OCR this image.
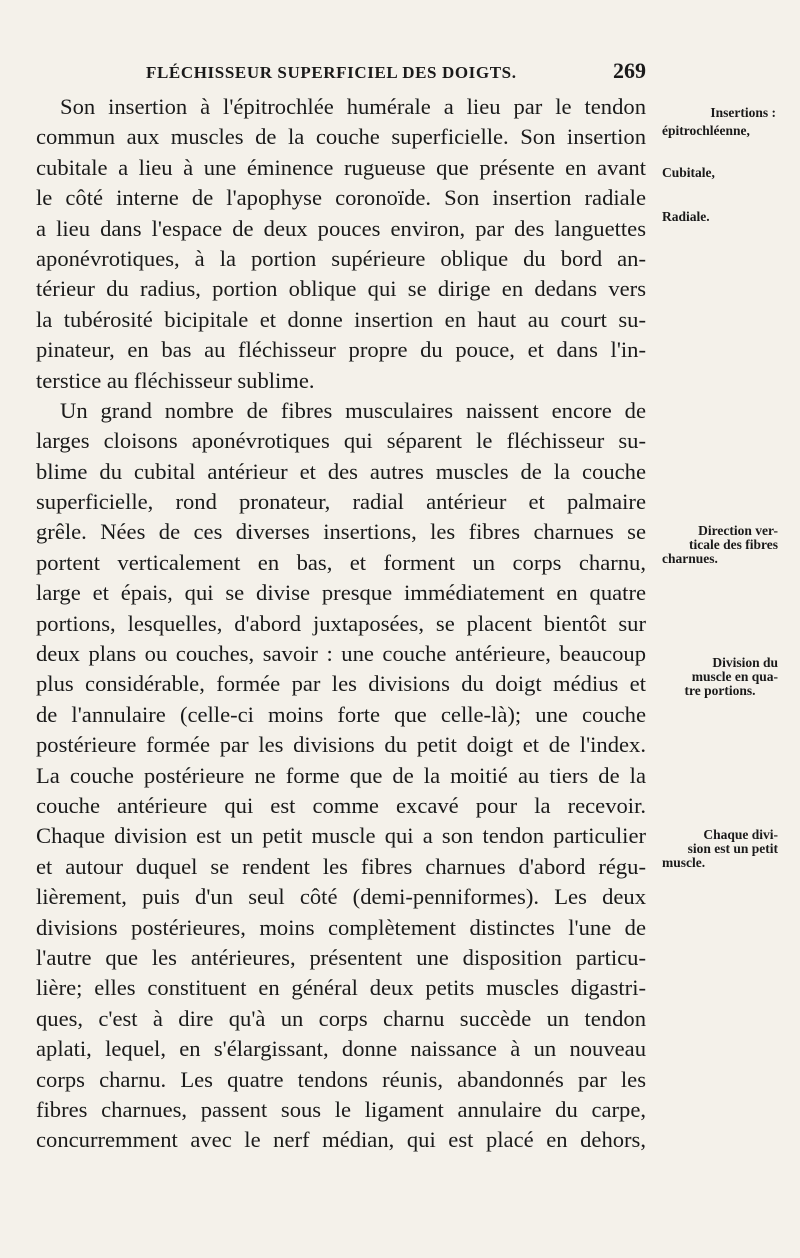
FLÉCHISSEUR SUPERFICIEL DES DOIGTS.	269
Son insertion à l'épitrochlée humérale a lieu par le tendon
commun aux muscles de la couche superficielle. Son insertion
cubitale a lieu à une éminence rugueuse que présente en avant
le côté interne de l'apophyse coronoïde. Son insertion radiale
a lieu dans l'espace de deux pouces environ, par des languettes
aponévrotiques, à la portion supérieure oblique du bord an-
térieur du radius, portion oblique qui se dirige en dedans vers
la tubérosité bicipitale et donne insertion en haut au court su-
pinateur, en bas au fléchisseur propre du pouce, et dans l'in-
terstice au fléchisseur sublime.
Un grand nombre de fibres musculaires naissent encore de
larges cloisons aponévrotiques qui séparent le fléchisseur su-
blime du cubital antérieur et des autres muscles de la couche
superficielle, rond pronateur, radial antérieur et palmaire
grêle. Nées de ces diverses insertions, les fibres charnues se
portent verticalement en bas, et forment un corps charnu,
large et épais, qui se divise presque immédiatement en quatre
portions, lesquelles, d'abord juxtaposées, se placent bientôt sur
deux plans ou couches, savoir : une couche antérieure, beaucoup
plus considérable, formée par les divisions du doigt médius et
de l'annulaire (celle-ci moins forte que celle-là); une couche
postérieure formée par les divisions du petit doigt et de l'index.
La couche postérieure ne forme que de la moitié au tiers de la
couche antérieure qui est comme excavé pour la recevoir.
Chaque division est un petit muscle qui a son tendon particulier
et autour duquel se rendent les fibres charnues d'abord régu-
lièrement, puis d'un seul côté (demi-penniformes). Les deux
divisions postérieures, moins complètement distinctes l'une de
l'autre que les antérieures, présentent une disposition particu-
lière; elles constituent en général deux petits muscles digastri-
ques, c'est à dire qu'à un corps charnu succède un tendon
aplati, lequel, en s'élargissant, donne naissance à un nouveau
corps charnu. Les quatre tendons réunis, abandonnés par les
fibres charnues, passent sous le ligament annulaire du carpe,
concurremment avec le nerf médian, qui est placé en dehors,
Insertions :
épitrochléenne,
Cubitale,
Radiale.
Direction ver-
ticale des fibres
charnues.
Division du
muscle en qua-
tre portions.
Chaque divi-
sion est un petit
muscle.
